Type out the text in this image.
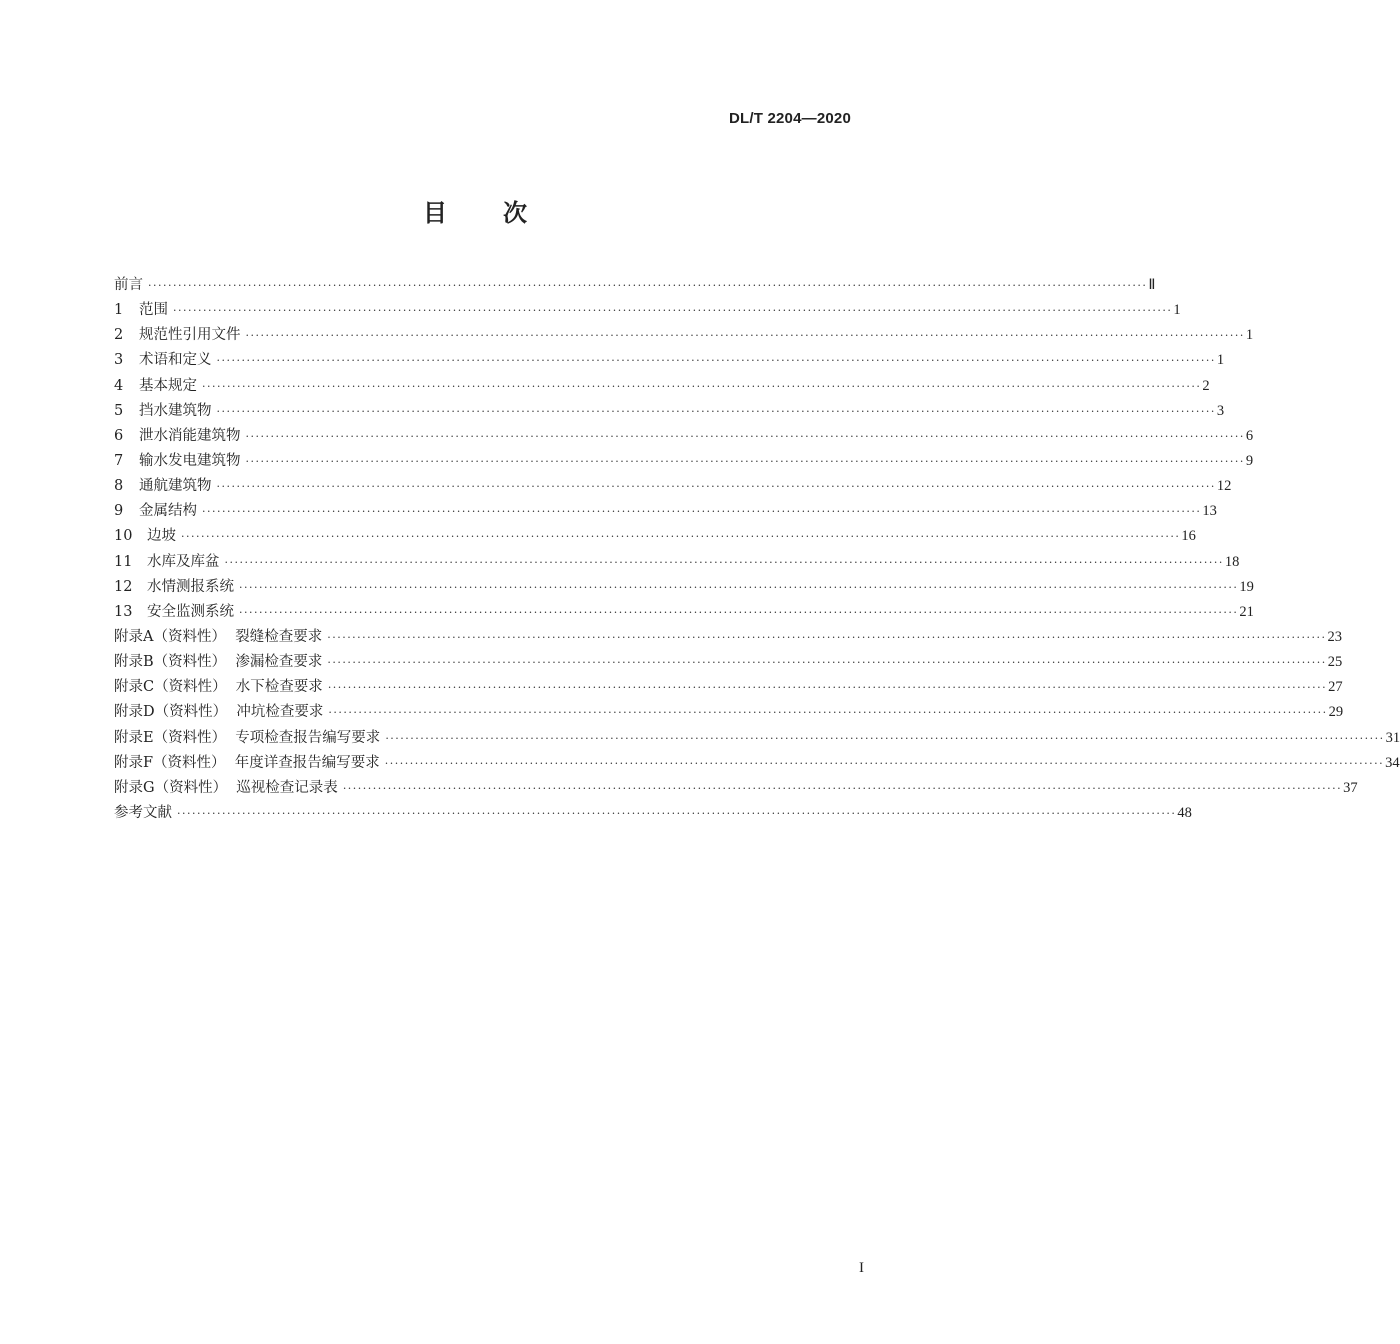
DL/T 2204—2020
目 次
前言 ········································································································································································································ Ⅱ
1	范围 ········································································································································································································ 1
2	规范性引用文件 ········································································································································································································ 1
3	术语和定义 ········································································································································································································ 1
4	基本规定 ········································································································································································································ 2
5	挡水建筑物 ········································································································································································································ 3
6	泄水消能建筑物 ········································································································································································································ 6
7	输水发电建筑物 ········································································································································································································ 9
8	通航建筑物 ········································································································································································································ 12
9	金属结构 ········································································································································································································ 13
10	边坡 ········································································································································································································ 16
11	水库及库盆 ········································································································································································································ 18
12	水情测报系统 ········································································································································································································ 19
13	安全监测系统 ········································································································································································································ 21
附录A（资料性）  裂缝检查要求 ········································································································································································································ 23
附录B（资料性）  渗漏检查要求 ········································································································································································································ 25
附录C（资料性）  水下检查要求 ········································································································································································································ 27
附录D（资料性）  冲坑检查要求 ········································································································································································································ 29
附录E（资料性）  专项检查报告编写要求 ········································································································································································································ 31
附录F（资料性）  年度详查报告编写要求 ········································································································································································································ 34
附录G（资料性）  巡视检查记录表 ········································································································································································································ 37
参考文献 ········································································································································································································ 48
I
